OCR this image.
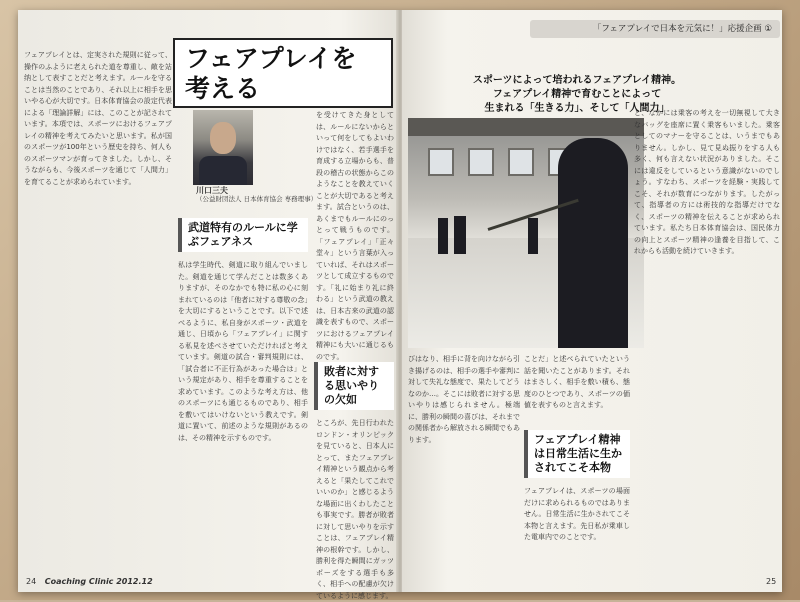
フェアプレイとは、定実された規則に従って、操作のふように老えられた道を尊重し、敵を站纳として表すことだと考えます。ルールを守ることは当然のことであり、それ以上に相手を思いやる心が大切です。日本体育協会の設定代表による「理論詳解」には、このことが記されています。本項では、スポーツにおけるフェアプレイの精神を考えてみたいと思います。私が国のスポーツが100年という歴史を持ち、何人ものスポーツマンが育ってきました。しかし、そうながらも、今後スポーツを通じて「人間力」を育てることが求められています。

フェアプレイを考える
川口三夫
（公益財団法人 日本体育協会 専務理事）
武道特有のルールに学ぶフェアネス

私は学生時代、剣道に取り組んでいました。剣道を通じて学んだことは数多くありますが、そのなかでも特に私の心に刻まれているのは「他者に対する尊敬の念」を大切にするということです。以下で述べるように、私自身がスポーツ・武道を通じ、日頃から「フェアプレイ」に関する私見を述べさせていただければと考えています。剣道の試合・審判規則には、「試合者に不正行為があった場合は」という規定があり、相手を尊重することを求めています。このような考え方は、他のスポーツにも通じるものであり、相手を敷いてはいけないという教えです。剣道に置いて、前述のような規則があるのは、その精神を示すものです。

を受けてきた身としては、ルールにないからといって何をしてもよいわけではなく、若手選手を育成する立場からも、普段の稽古の状態からこのようなことを教えていくことが大切であると考えます。試合というのは、あくまでもルールにのっとって戦うものです。「フェアプレイ」「正々堂々」という言葉が入っていれば、それはスポーツとして成立するものです。「礼に始まり礼に終わる」という武道の教えは、日本古来の武道の認識を表すもので、スポーツにおけるフェアプレイ精神にも大いに通じるものです。

敗者に対する思いやりの欠如

ところが、先日行われたロンドン・オリンピックを見ていると、日本人にとって、またフェアプレイ精神という観点から考えると「果たしてこれでいいのか」と感じるような場面に出くわしたことも事実です。勝者が敗者に対して思いやりを示すことは、フェアプレイ精神の根幹です。しかし、勝利を得た瞬間にガッツポーズをする選手も多く、相手への配慮が欠けているように感じます。

24 Coaching Clinic 2012.12
「フェアプレイで日本を元気に！」応援企画 ①
スポーツによって培われるフェアプレイ精神。
フェアプレイ精神で育むことによって
生まれる「生きる力」、そして「人間力」

と、なかには乗客の考えを一切無視して大きなバッグを座席に置く乗客もいました。乗客としてのマナーを守ることは、いうまでもありません。しかし、見て見ぬ振りをする人も多く、何も言えない状況がありました。そこには違反をしているという意識がないのでしょう。すなわち、スポーツを経験・実践してこそ、それが数育につながります。したがって、指導者の方には術技的な指導だけでなく、スポーツの精神を伝えることが求められています。私たち日本体育協会は、国民体力の向上とスポーツ精神の逢養を目指して、これからも活動を続けていきます。

びはなり、相手に背を向けながら引き揚げるのは、相手の選手や審判に対して失礼な態度で、果たしてどうなのか…。そこには敗者に対する思いやりは感じられません。極端に、勝利の瞬間の喜びは、それまでの関係者から解放される瞬間でもあります。

ことだ」と述べられていたという話を聞いたことがあります。それはまさしく、相手を敷い積も、態度のひとつであり、スポーツの価値を表すものと言えます。

フェアプレイ精神は日常生活に生かされてこそ本物

フェアプレイは、スポーツの場面だけに求められるものではありません。日常生活に生かされてこそ本物と言えます。先日私が乗車した電車内でのことです。

25
